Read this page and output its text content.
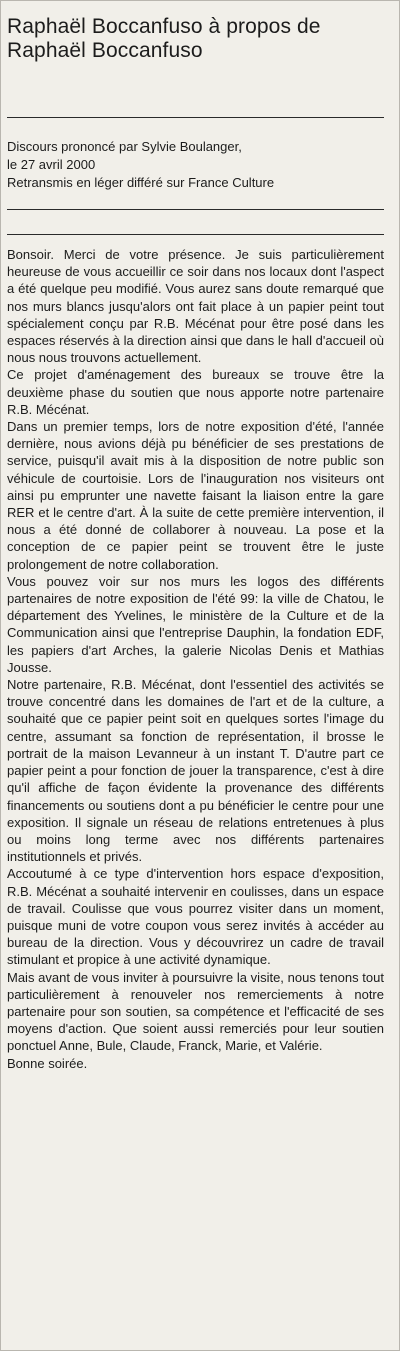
Raphaël Boccanfuso à propos de Raphaël Boccanfuso
Discours prononcé par Sylvie Boulanger,
le 27 avril 2000
Retransmis en léger différé sur France Culture

Bonsoir. Merci de votre présence. Je suis particulièrement heureuse de vous accueillir ce soir dans nos locaux dont l'aspect a été quelque peu modifié. Vous aurez sans doute remarqué que nos murs blancs jusqu'alors ont fait place à un papier peint tout spécialement conçu par R.B. Mécénat pour être posé dans les espaces réservés à la direction ainsi que dans le hall d'accueil où nous nous trouvons actuellement.

Ce projet d'aménagement des bureaux se trouve être la deuxième phase du soutien que nous apporte notre partenaire R.B. Mécénat.

Dans un premier temps, lors de notre exposition d'été, l'année dernière, nous avions déjà pu bénéficier de ses prestations de service, puisqu'il avait mis à la disposition de notre public son véhicule de courtoisie. Lors de l'inauguration nos visiteurs ont ainsi pu emprunter une navette faisant la liaison entre la gare RER et le centre d'art. À la suite de cette première intervention, il nous a été donné de collaborer à nouveau. La pose et la conception de ce papier peint se trouvent être le juste prolongement de notre collaboration.

Vous pouvez voir sur nos murs les logos des différents partenaires de notre exposition de l'été 99: la ville de Chatou, le département des Yvelines, le ministère de la Culture et de la Communication ainsi que l'entreprise Dauphin, la fondation EDF, les papiers d'art Arches, la galerie Nicolas Denis et Mathias Jousse.

Notre partenaire, R.B. Mécénat, dont l'essentiel des activités se trouve concentré dans les domaines de l'art et de la culture, a souhaité que ce papier peint soit en quelques sortes l'image du centre, assumant sa fonction de représentation, il brosse le portrait de la maison Levanneur à un instant T. D'autre part ce papier peint a pour fonction de jouer la transparence, c'est à dire qu'il affiche de façon évidente la provenance des différents financements ou soutiens dont a pu bénéficier le centre pour une exposition. Il signale un réseau de relations entretenues à plus ou moins long terme avec nos différents partenaires institutionnels et privés.

Accoutumé à ce type d'intervention hors espace d'exposition, R.B. Mécénat a souhaité intervenir en coulisses, dans un espace de travail. Coulisse que vous pourrez visiter dans un moment, puisque muni de votre coupon vous serez invités à accéder au bureau de la direction. Vous y découvrirez un cadre de travail stimulant et propice à une activité dynamique.

Mais avant de vous inviter à poursuivre la visite, nous tenons tout particulièrement à renouveler nos remerciements à notre partenaire pour son soutien, sa compétence et l'efficacité de ses moyens d'action. Que soient aussi remerciés pour leur soutien ponctuel Anne, Bule, Claude, Franck, Marie, et Valérie.

Bonne soirée.
